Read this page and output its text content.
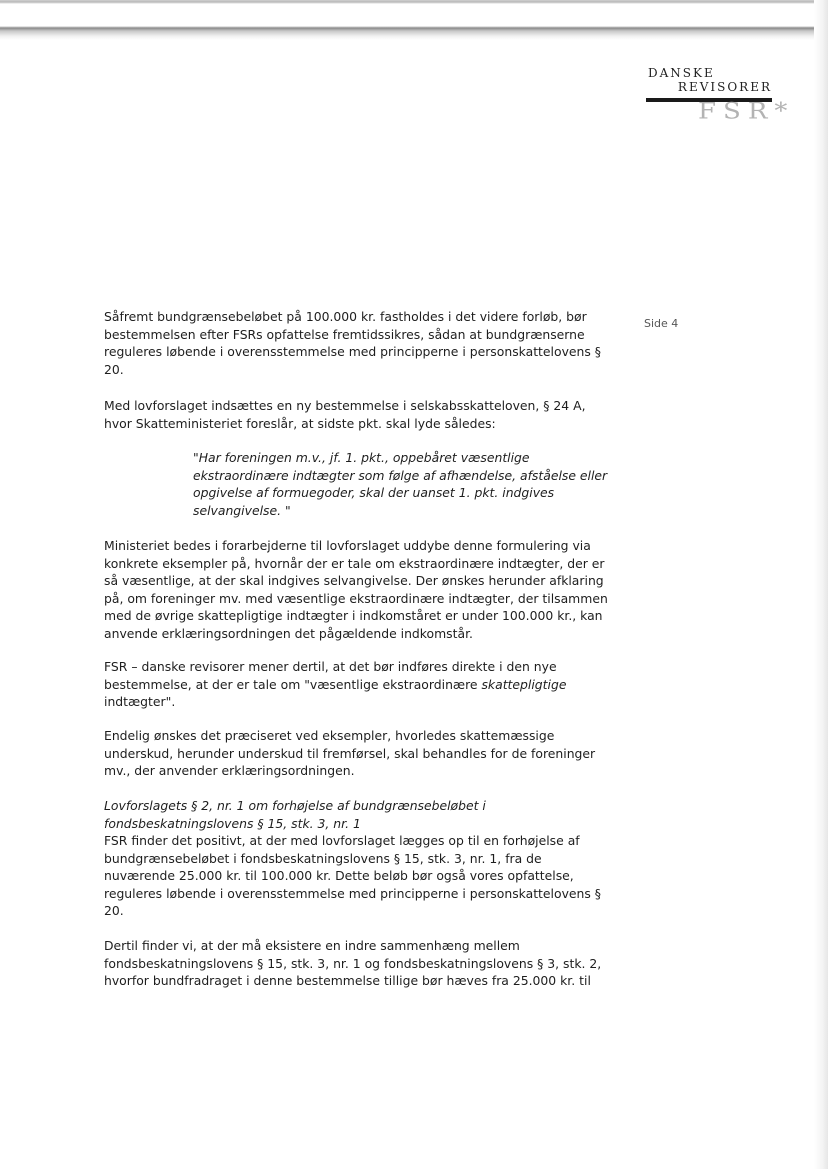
DANSKE
REVISORER
FSR*
Side 4

Såfremt bundgrænsebeløbet på 100.000 kr. fastholdes i det videre forløb, bør
bestemmelsen efter FSRs opfattelse fremtidssikres, sådan at bundgrænserne
reguleres løbende i overensstemmelse med principperne i personskattelovens §
20.

Med lovforslaget indsættes en ny bestemmelse i selskabsskatteloven, § 24 A,
hvor Skatteministeriet foreslår, at sidste pkt. skal lyde således:

"Har foreningen m.v., jf. 1. pkt., oppebåret væsentlige
ekstraordinære indtægter som følge af afhændelse, afståelse eller
opgivelse af formuegoder, skal der uanset 1. pkt. indgives
selvangivelse. "

Ministeriet bedes i forarbejderne til lovforslaget uddybe denne formulering via
konkrete eksempler på, hvornår der er tale om ekstraordinære indtægter, der er
så væsentlige, at der skal indgives selvangivelse. Der ønskes herunder afklaring
på, om foreninger mv. med væsentlige ekstraordinære indtægter, der tilsammen
med de øvrige skattepligtige indtægter i indkomståret er under 100.000 kr., kan
anvende erklæringsordningen det pågældende indkomstår.

FSR – danske revisorer mener dertil, at det bør indføres direkte i den nye
bestemmelse, at der er tale om "væsentlige ekstraordinære skattepligtige
indtægter".

Endelig ønskes det præciseret ved eksempler, hvorledes skattemæssige
underskud, herunder underskud til fremførsel, skal behandles for de foreninger
mv., der anvender erklæringsordningen.

Lovforslagets § 2, nr. 1 om forhøjelse af bundgrænsebeløbet i
fondsbeskatningslovens § 15, stk. 3, nr. 1

FSR finder det positivt, at der med lovforslaget lægges op til en forhøjelse af
bundgrænsebeløbet i fondsbeskatningslovens § 15, stk. 3, nr. 1, fra de
nuværende 25.000 kr. til 100.000 kr. Dette beløb bør også vores opfattelse,
reguleres løbende i overensstemmelse med principperne i personskattelovens §
20.

Dertil finder vi, at der må eksistere en indre sammenhæng mellem
fondsbeskatningslovens § 15, stk. 3, nr. 1 og fondsbeskatningslovens § 3, stk. 2,
hvorfor bundfradraget i denne bestemmelse tillige bør hæves fra 25.000 kr. til
